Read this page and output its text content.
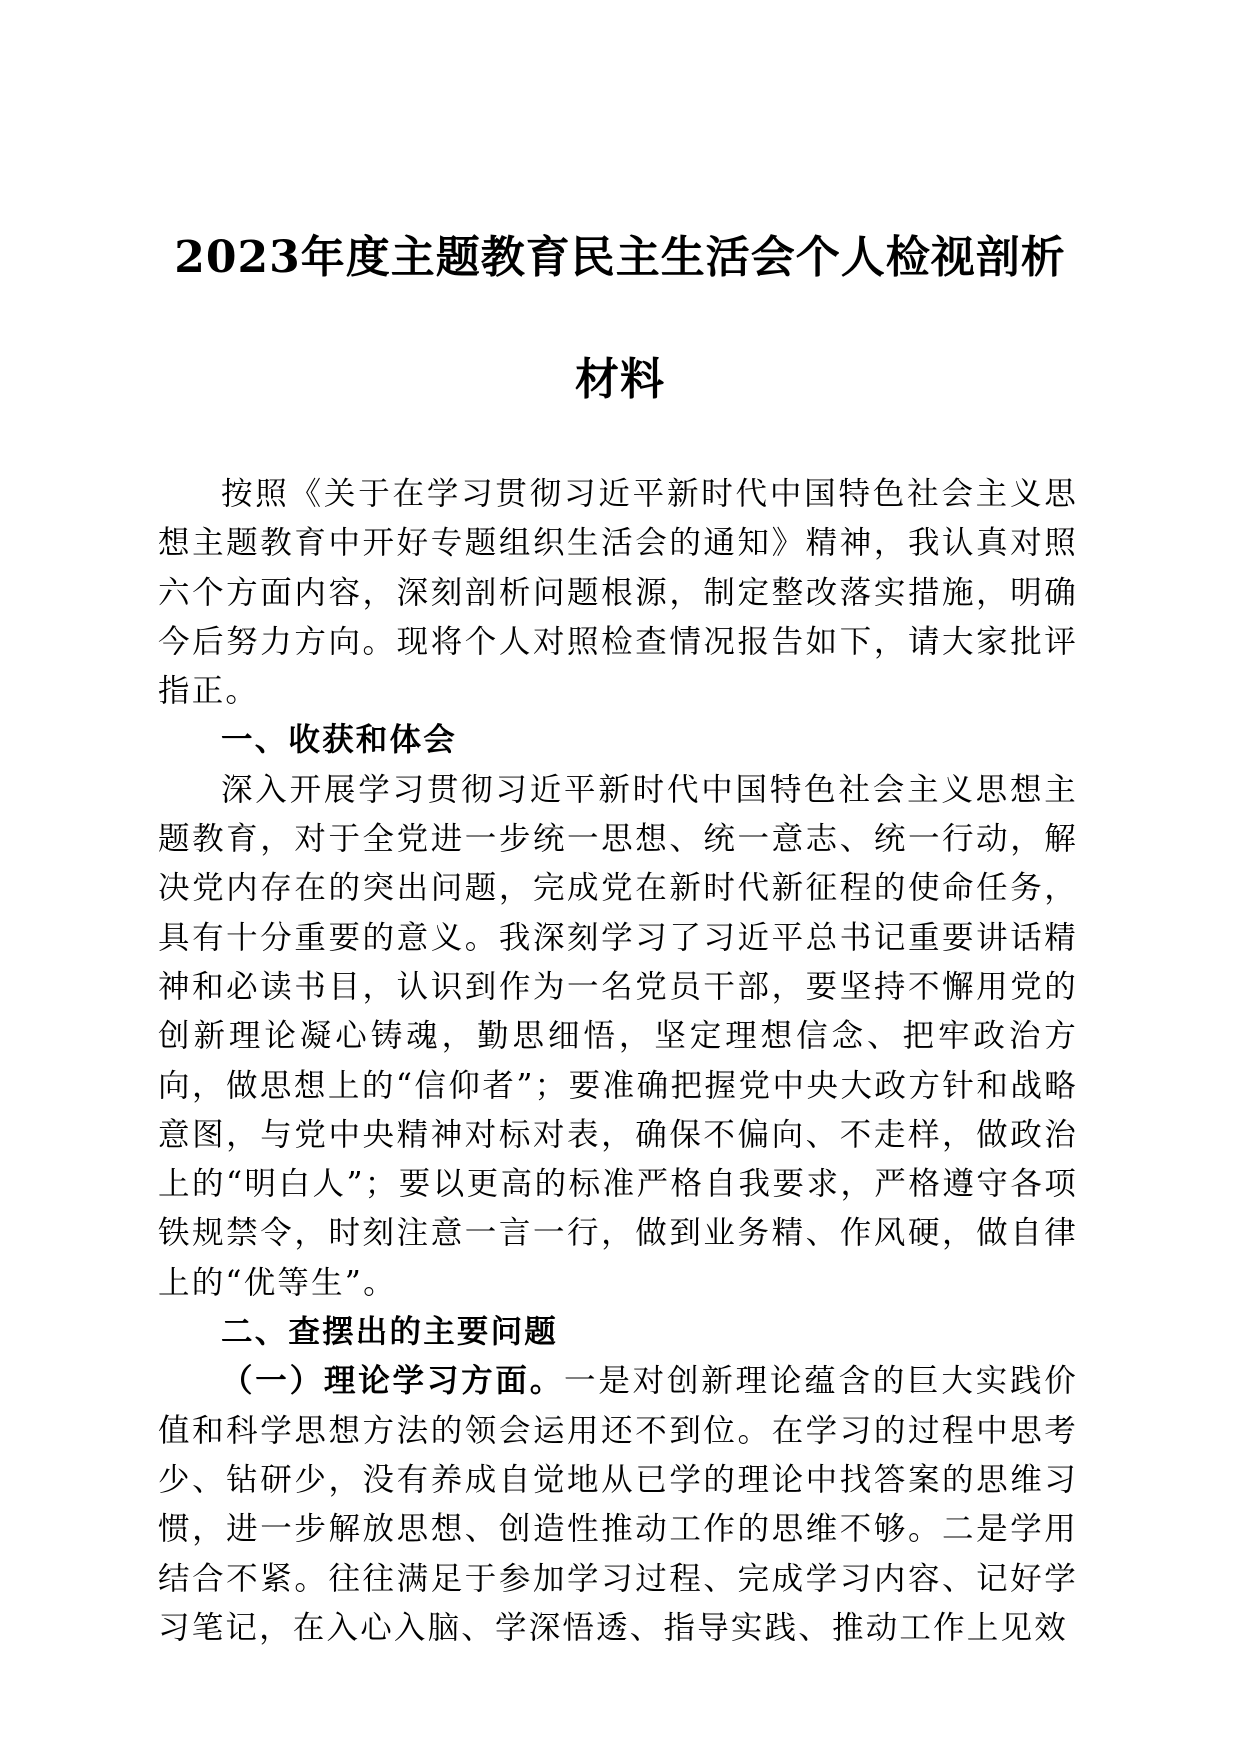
2023年度主题教育民主生活会个人检视剖析
材料

按照《关于在学习贯彻习近平新时代中国特色社会主义思想主题教育中开好专题组织生活会的通知》精神，我认真对照六个方面内容，深刻剖析问题根源，制定整改落实措施，明确今后努力方向。现将个人对照检查情况报告如下，请大家批评指正。

一、收获和体会

深入开展学习贯彻习近平新时代中国特色社会主义思想主题教育，对于全党进一步统一思想、统一意志、统一行动，解决党内存在的突出问题，完成党在新时代新征程的使命任务，具有十分重要的意义。我深刻学习了习近平总书记重要讲话精神和必读书目，认识到作为一名党员干部，要坚持不懈用党的创新理论凝心铸魂，勤思细悟，坚定理想信念、把牢政治方向，做思想上的“信仰者”；要准确把握党中央大政方针和战略意图，与党中央精神对标对表，确保不偏向、不走样，做政治上的“明白人”；要以更高的标准严格自我要求，严格遵守各项铁规禁令，时刻注意一言一行，做到业务精、作风硬，做自律上的“优等生”。

二、查摆出的主要问题

（一）理论学习方面。一是对创新理论蕴含的巨大实践价值和科学思想方法的领会运用还不到位。在学习的过程中思考少、钻研少，没有养成自觉地从已学的理论中找答案的思维习惯，进一步解放思想、创造性推动工作的思维不够。二是学用结合不紧。往往满足于参加学习过程、完成学习内容、记好学习笔记，在入心入脑、学深悟透、指导实践、推动工作上见效
